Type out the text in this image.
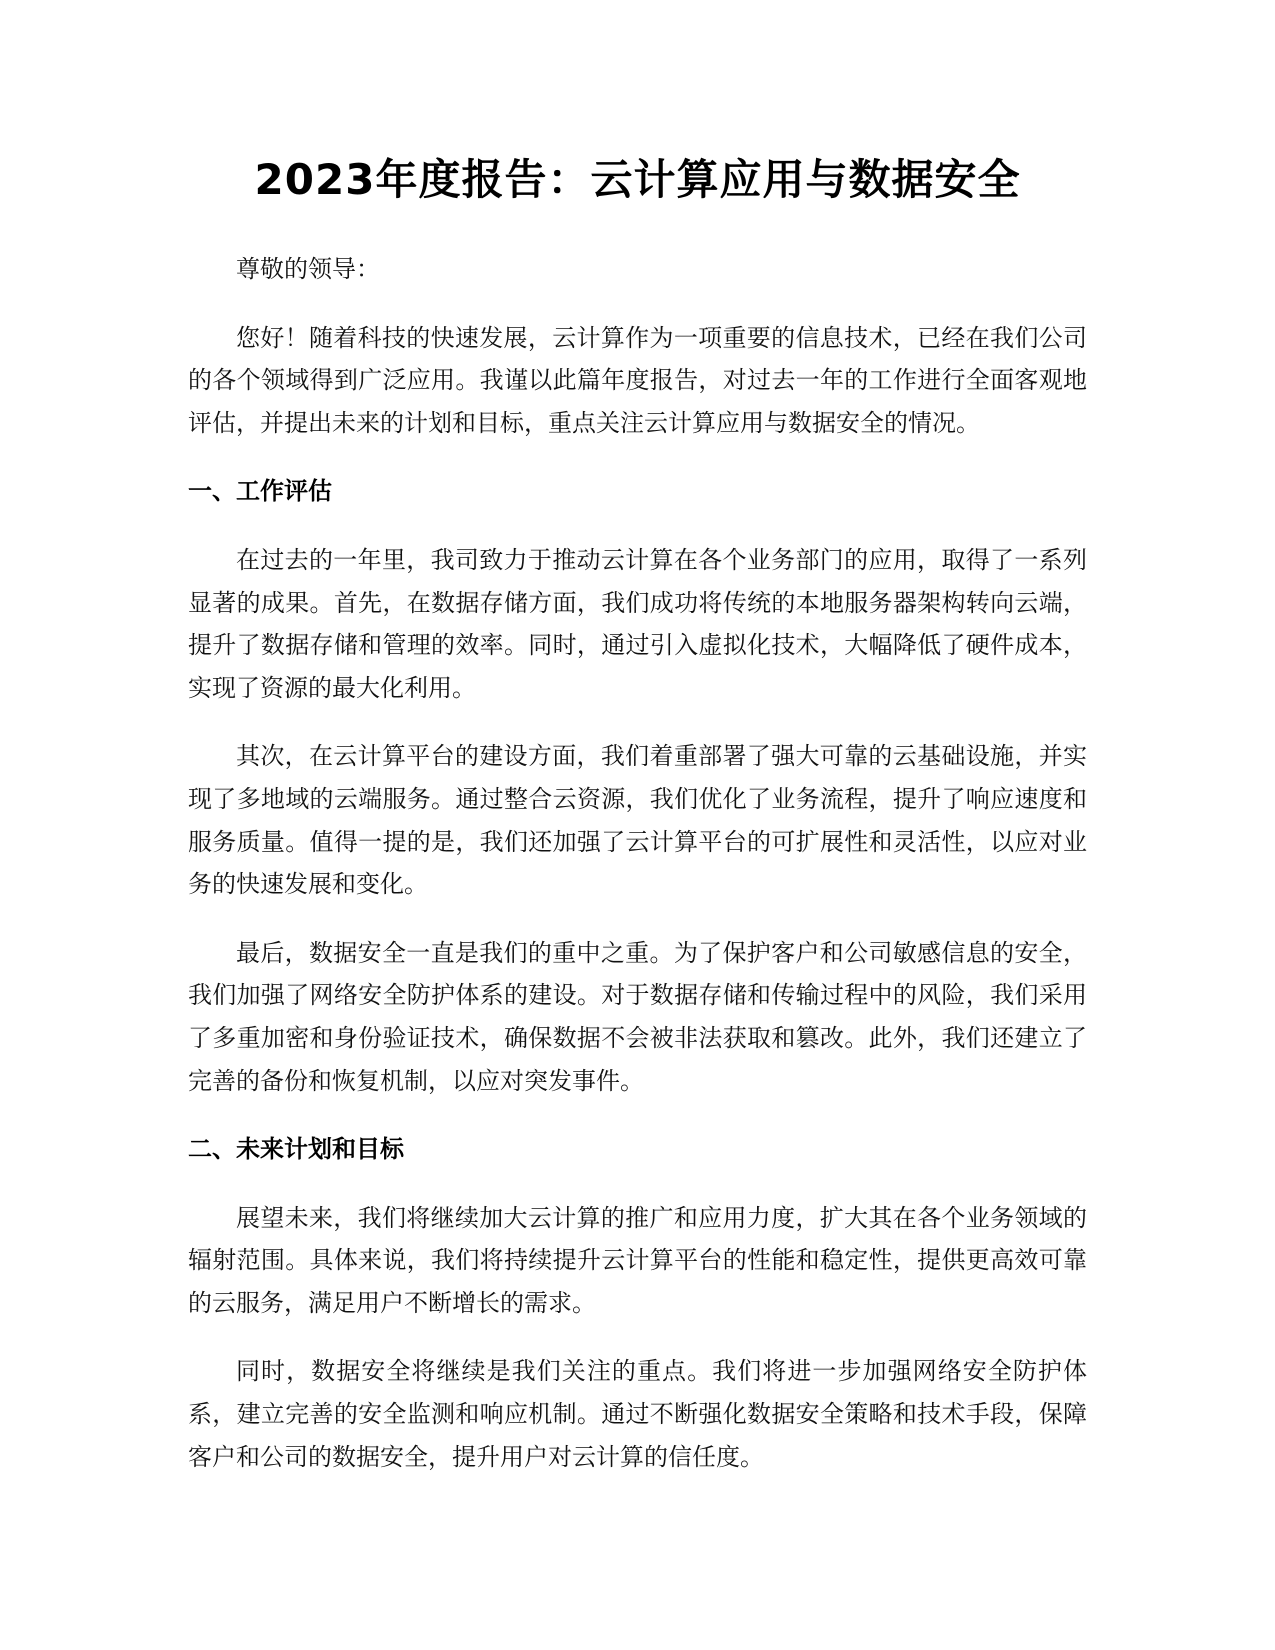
2023年度报告：云计算应用与数据安全

尊敬的领导：

您好！随着科技的快速发展，云计算作为一项重要的信息技术，已经在我们公司的各个领域得到广泛应用。我谨以此篇年度报告，对过去一年的工作进行全面客观地评估，并提出未来的计划和目标，重点关注云计算应用与数据安全的情况。

一、工作评估

在过去的一年里，我司致力于推动云计算在各个业务部门的应用，取得了一系列显著的成果。首先，在数据存储方面，我们成功将传统的本地服务器架构转向云端，提升了数据存储和管理的效率。同时，通过引入虚拟化技术，大幅降低了硬件成本，实现了资源的最大化利用。

其次，在云计算平台的建设方面，我们着重部署了强大可靠的云基础设施，并实现了多地域的云端服务。通过整合云资源，我们优化了业务流程，提升了响应速度和服务质量。值得一提的是，我们还加强了云计算平台的可扩展性和灵活性，以应对业务的快速发展和变化。

最后，数据安全一直是我们的重中之重。为了保护客户和公司敏感信息的安全，我们加强了网络安全防护体系的建设。对于数据存储和传输过程中的风险，我们采用了多重加密和身份验证技术，确保数据不会被非法获取和篡改。此外，我们还建立了完善的备份和恢复机制，以应对突发事件。

二、未来计划和目标

展望未来，我们将继续加大云计算的推广和应用力度，扩大其在各个业务领域的辐射范围。具体来说，我们将持续提升云计算平台的性能和稳定性，提供更高效可靠的云服务，满足用户不断增长的需求。

同时，数据安全将继续是我们关注的重点。我们将进一步加强网络安全防护体系，建立完善的安全监测和响应机制。通过不断强化数据安全策略和技术手段，保障客户和公司的数据安全，提升用户对云计算的信任度。
